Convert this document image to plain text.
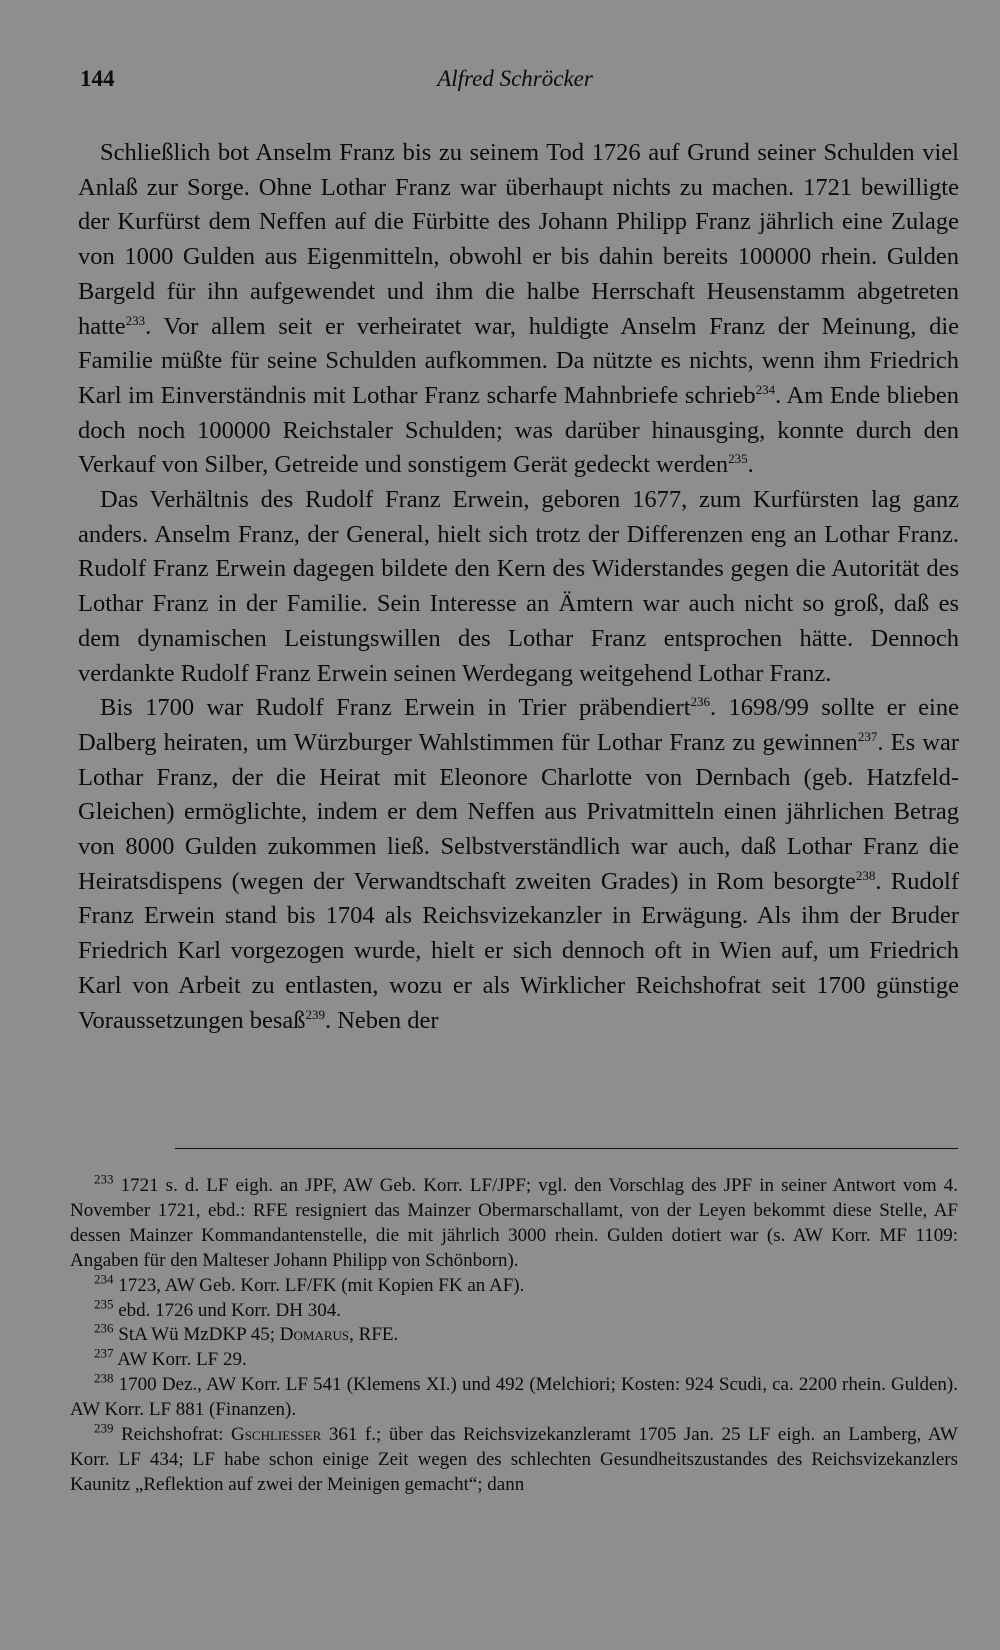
144	Alfred Schröcker

Schließlich bot Anselm Franz bis zu seinem Tod 1726 auf Grund seiner Schulden viel Anlaß zur Sorge. Ohne Lothar Franz war überhaupt nichts zu machen. 1721 bewilligte der Kurfürst dem Neffen auf die Fürbitte des Johann Philipp Franz jährlich eine Zulage von 1000 Gulden aus Eigenmitteln, obwohl er bis dahin bereits 100000 rhein. Gulden Bargeld für ihn aufgewendet und ihm die halbe Herrschaft Heusenstamm abgetreten hatte$^{233}$. Vor allem seit er verheiratet war, huldigte Anselm Franz der Meinung, die Familie müßte für seine Schulden aufkommen. Da nützte es nichts, wenn ihm Friedrich Karl im Einverständnis mit Lothar Franz scharfe Mahnbriefe schrieb$^{234}$. Am Ende blieben doch noch 100000 Reichstaler Schulden; was darüber hinausging, konnte durch den Verkauf von Silber, Getreide und sonstigem Gerät gedeckt werden$^{235}$.

Das Verhältnis des Rudolf Franz Erwein, geboren 1677, zum Kurfürsten lag ganz anders. Anselm Franz, der General, hielt sich trotz der Differenzen eng an Lothar Franz. Rudolf Franz Erwein dagegen bildete den Kern des Widerstandes gegen die Autorität des Lothar Franz in der Familie. Sein Interesse an Ämtern war auch nicht so groß, daß es dem dynamischen Leistungswillen des Lothar Franz entsprochen hätte. Dennoch verdankte Rudolf Franz Erwein seinen Werdegang weitgehend Lothar Franz.

Bis 1700 war Rudolf Franz Erwein in Trier präbendiert$^{236}$. 1698/99 sollte er eine Dalberg heiraten, um Würzburger Wahlstimmen für Lothar Franz zu gewinnen$^{237}$. Es war Lothar Franz, der die Heirat mit Eleonore Charlotte von Dernbach (geb. Hatzfeld-Gleichen) ermöglichte, indem er dem Neffen aus Privatmitteln einen jährlichen Betrag von 8000 Gulden zukommen ließ. Selbstverständlich war auch, daß Lothar Franz die Heiratsdispens (wegen der Verwandtschaft zweiten Grades) in Rom besorgte$^{238}$. Rudolf Franz Erwein stand bis 1704 als Reichsvizekanzler in Erwägung. Als ihm der Bruder Friedrich Karl vorgezogen wurde, hielt er sich dennoch oft in Wien auf, um Friedrich Karl von Arbeit zu entlasten, wozu er als Wirklicher Reichshofrat seit 1700 günstige Voraussetzungen besaß$^{239}$. Neben der

$^{233}$ 1721 s. d. LF eigh. an JPF, AW Geb. Korr. LF/JPF; vgl. den Vorschlag des JPF in seiner Antwort vom 4. November 1721, ebd.: RFE resigniert das Mainzer Obermarschallamt, von der Leyen bekommt diese Stelle, AF dessen Mainzer Kommandantenstelle, die mit jährlich 3000 rhein. Gulden dotiert war (s. AW Korr. MF 1109: Angaben für den Malteser Johann Philipp von Schönborn).

$^{234}$ 1723, AW Geb. Korr. LF/FK (mit Kopien FK an AF).

$^{235}$ ebd. 1726 und Korr. DH 304.

$^{236}$ StA Wü MzDKP 45; Domarus, RFE.

$^{237}$ AW Korr. LF 29.

$^{238}$ 1700 Dez., AW Korr. LF 541 (Klemens XI.) und 492 (Melchiori; Kosten: 924 Scudi, ca. 2200 rhein. Gulden). AW Korr. LF 881 (Finanzen).

$^{239}$ Reichshofrat: Gschliesser 361 f.; über das Reichsvizekanzleramt 1705 Jan. 25 LF eigh. an Lamberg, AW Korr. LF 434; LF habe schon einige Zeit wegen des schlechten Gesundheitszustandes des Reichsvizekanzlers Kaunitz „Reflektion auf zwei der Meinigen gemacht“; dann
